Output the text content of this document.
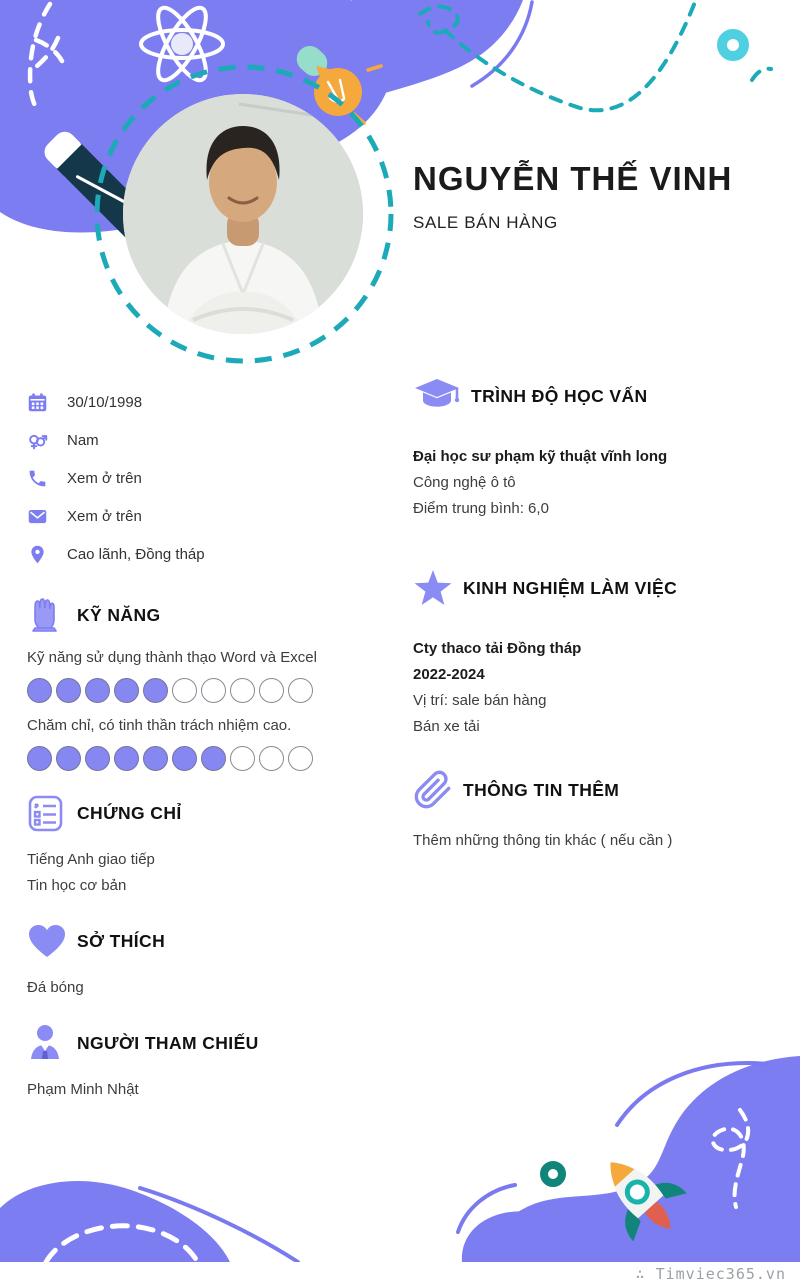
NGUYỄN THẾ VINH
SALE BÁN HÀNG
30/10/1998
Nam
Xem ở trên
Xem ở trên
Cao lãnh, Đồng tháp
KỸ NĂNG
Kỹ năng sử dụng thành thạo Word và Excel
Chăm chỉ, có tinh thần trách nhiệm cao.
CHỨNG CHỈ

Tiếng Anh giao tiếp

Tin học cơ bản

SỞ THÍCH

Đá bóng

NGƯỜI THAM CHIẾU

Phạm Minh Nhật

TRÌNH ĐỘ HỌC VẤN

Đại học sư phạm kỹ thuật vĩnh long

Công nghệ ô tô

Điểm trung bình: 6,0

KINH NGHIỆM LÀM VIỆC

Cty thaco tải Đồng tháp

2022-2024

Vị trí: sale bán hàng

Bán xe tải

THÔNG TIN THÊM

Thêm những thông tin khác ( nếu cần )

∴ Timviec365.vn
